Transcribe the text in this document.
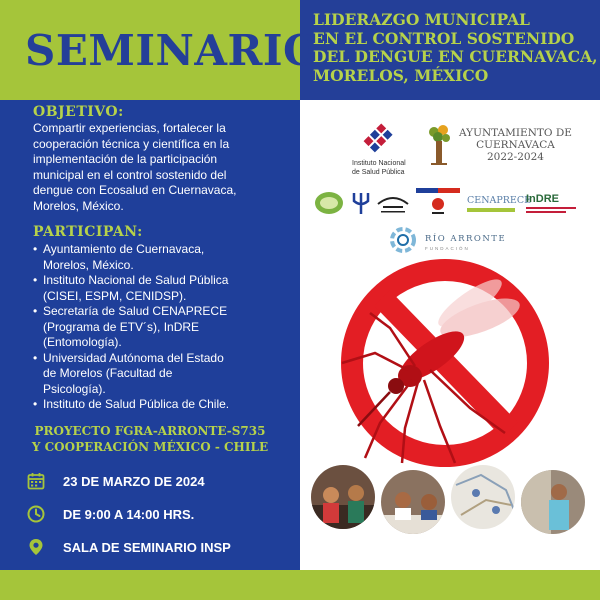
SEMINARIO
LIDERAZGO MUNICIPAL
EN EL CONTROL SOSTENIDO
DEL DENGUE EN CUERNAVACA,
MORELOS, MÉXICO
OBJETIVO:
Compartir experiencias, fortalecer la
cooperación técnica y científica en la
implementación de la participación
municipal en el control sostenido del
dengue con Ecosalud en Cuernavaca,
Morelos, México.
PARTICIPAN:
• Ayuntamiento de Cuernavaca,
Morelos, México.
• Instituto Nacional de Salud Pública
(CISEI, ESPM, CENIDSP).
• Secretaría de Salud CENAPRECE
(Programa de ETV´s), InDRE
(Entomología).
• Universidad Autónoma del Estado
de Morelos (Facultad de
Psicología).
• Instituto de Salud Pública de Chile.
PROYECTO FGRA-ARRONTE-S735
Y COOPERACIÓN MÉXICO - CHILE
23 DE MARZO DE 2024
DE 9:00 A 14:00 HRS.
SALA DE SEMINARIO INSP
Instituto Nacional
de Salud Pública
AYUNTAMIENTO DE
CUERNAVACA
2022-2024
CENAPRECE
InDRE
RÍO ARRONTE
FUNDACIÓN
